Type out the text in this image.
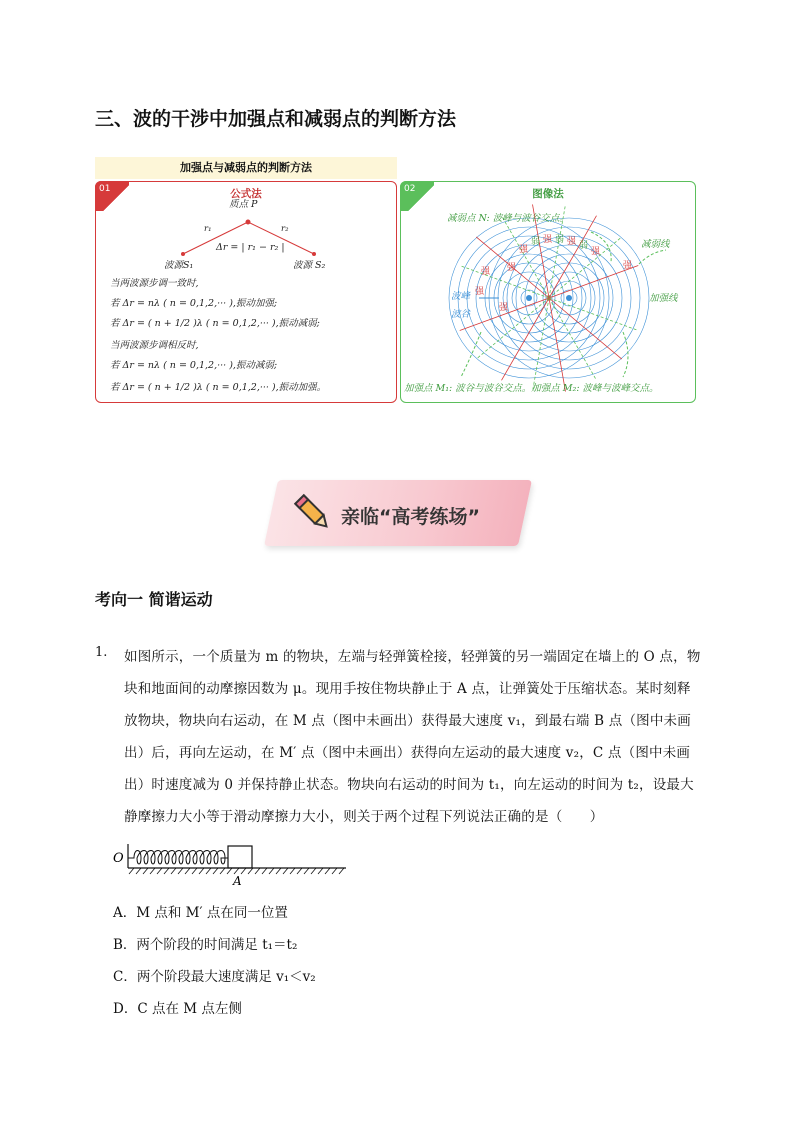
三、波的干涉中加强点和减弱点的判断方法
加强点与减弱点的判断方法
01	公式法
质点 P
r₁	r₂
Δr = | r₁ − r₂ |
波源S₁	波源 S₂
当两波源步调一致时,
若 Δr = nλ ( n = 0,1,2,··· ),振动加强;
若 Δr = ( n + 1/2 )λ ( n = 0,1,2,··· ),振动减弱;
当两波源步调相反时,
若 Δr = nλ ( n = 0,1,2,··· ),振动减弱;
若 Δr = ( n + 1/2 )λ ( n = 0,1,2,··· ),振动加强。
02	图像法
强
强
弱 强 弱 强 弱
强
强
强
强
强
减弱点 N: 波峰与波谷交点。
减弱线
加强线
波峰
波谷
加强点 M₁: 波谷与波谷交点。加强点 M₂: 波峰与波峰交点。
亲临“高考练场”
考向一 简谐运动
1. 如图所示，一个质量为 m 的物块，左端与轻弹簧栓接，轻弹簧的另一端固定在墙上的 O 点，物
块和地面间的动摩擦因数为 μ。现用手按住物块静止于 A 点，让弹簧处于压缩状态。某时刻释
放物块，物块向右运动，在 M 点（图中未画出）获得最大速度 v₁，到最右端 B 点（图中未画
出）后，再向左运动，在 M′ 点（图中未画出）获得向左运动的最大速度 v₂，C 点（图中未画
出）时速度减为 0 并保持静止状态。物块向右运动的时间为 t₁，向左运动的时间为 t₂，设最大
静摩擦力大小等于滑动摩擦力大小，则关于两个过程下列说法正确的是（　　）
O
A
A．M 点和 M′ 点在同一位置
B．两个阶段的时间满足 t₁＝t₂
C．两个阶段最大速度满足 v₁＜v₂
D．C 点在 M 点左侧
